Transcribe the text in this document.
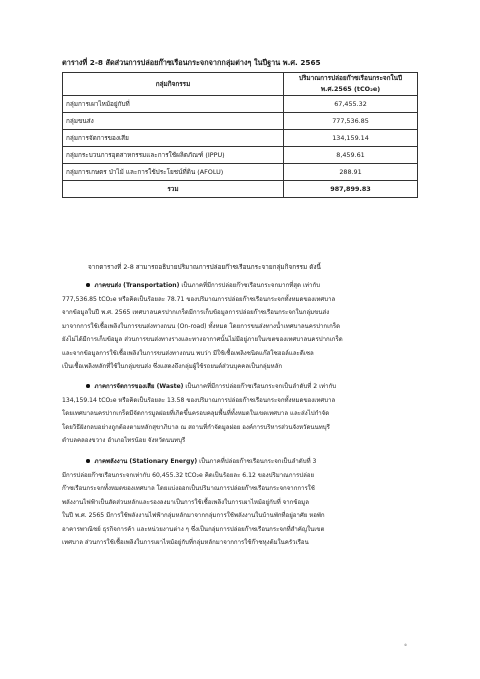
ตารางที่ 2-8 สัดส่วนการปล่อยก๊าซเรือนกระจกจากกลุ่มต่างๆ ในปีฐาน พ.ศ. 2565
กลุ่มกิจกรรม	ปริมาณการปล่อยก๊าซเรือนกระจกในปี
พ.ศ.2565 (tCO₂e)
กลุ่มการเผาไหม้อยู่กับที่	67,455.32
กลุ่มขนส่ง	777,536.85
กลุ่มการจัดการของเสีย	134,159.14
กลุ่มกระบวนการอุตสาหกรรมและการใช้ผลิตภัณฑ์ (IPPU)	8,459.61
กลุ่มการเกษตร ป่าไม้ และการใช้ประโยชน์ที่ดิน (AFOLU)	288.91
รวม	987,899.83
จากตารางที่ 2-8 สามารถอธิบายปริมาณการปล่อยก๊าซเรือนกระจายกลุ่มกิจกรรม ดังนี้
ภาคขนส่ง (Transportation) เป็นภาคที่มีการปล่อยก๊าซเรือนกระจกมากที่สุด เท่ากับ
777,536.85 tCO₂e หรือคิดเป็นร้อยละ 78.71 ของปริมาณการปล่อยก๊าซเรือนกระจกทั้งหมดของเทศบาล
จากข้อมูลในปี พ.ศ. 2565 เทศบาลนครปากเกร็ดมีการเก็บข้อมูลการปล่อยก๊าซเรือนกระจกในกลุ่มขนส่ง
มาจากการใช้เชื้อเพลิงในการขนส่งทางถนน (On-road) ทั้งหมด โดยการขนส่งทางน้ำเทศบาลนครปากเกร็ด
ยังไม่ได้มีการเก็บข้อมูล ส่วนการขนส่งทางรางและทางอากาศนั้นไม่มีอยู่ภายในเขตของเทศบาลนครปากเกร็ด
และจากข้อมูลการใช้เชื้อเพลิงในการขนส่งทางถนน พบว่า มีใช้เชื้อเพลิงชนิดแก๊สโซฮอล์และดีเซล
เป็นเชื้อเพลิงหลักที่ใช้ในกลุ่มขนส่ง ซึ่งแสดงถึงกลุ่มผู้ใช้รถยนต์ส่วนบุคคลเป็นกลุ่มหลัก
ภาคการจัดการของเสีย (Waste) เป็นภาคที่มีการปล่อยก๊าซเรือนกระจกเป็นลำดับที่ 2 เท่ากับ
134,159.14 tCO₂e หรือคิดเป็นร้อยละ 13.58 ของปริมาณการปล่อยก๊าซเรือนกระจกทั้งหมดของเทศบาล
โดยเทศบาลนครปากเกร็ดมีจัดการมูลฝอยที่เกิดขึ้นครอบคลุมพื้นที่ทั้งหมดในเขตเทศบาล และส่งไปกำจัด
โดยวิธีฝังกลบอย่างถูกต้องตามหลักสุขาภิบาล ณ สถานที่กำจัดมูลฝอย องค์การบริหารส่วนจังหวัดนนทบุรี
ตำบลคลองขวาง อำเภอไทรน้อย จังหวัดนนทบุรี
ภาคพลังงาน (Stationary Energy) เป็นภาคที่ปล่อยก๊าซเรือนกระจกเป็นลำดับที่ 3
มีการปล่อยก๊าซเรือนกระจกเท่ากับ 60,455.32 tCO₂e คิดเป็นร้อยละ 6.12 ของปริมาณการปล่อย
ก๊าซเรือนกระจกทั้งหมดของเทศบาล โดยแบ่งออกเป็นปริมาณการปล่อยก๊าซเรือนกระจกจากการใช้
พลังงานไฟฟ้าเป็นสัดส่วนหลักและรองลงมาเป็นการใช้เชื้อเพลิงในการเผาไหม้อยู่กับที่ จากข้อมูล
ในปี พ.ศ. 2565 มีการใช้พลังงานไฟฟ้ากลุ่มหลักมาจากกลุ่มการใช้พลังงานในบ้านพักที่อยู่อาศัย หอพัก
อาคารพาณิชย์ ธุรกิจการค้า และหน่วยงานต่าง ๆ ซึ่งเป็นกลุ่มการปล่อยก๊าซเรือนกระจกที่สำคัญในเขต
เทศบาล ส่วนการใช้เชื้อเพลิงในการเผาไหม้อยู่กับที่กลุ่มหลักมาจากการใช้ก๊าซหุงต้มในครัวเรือน
๑
